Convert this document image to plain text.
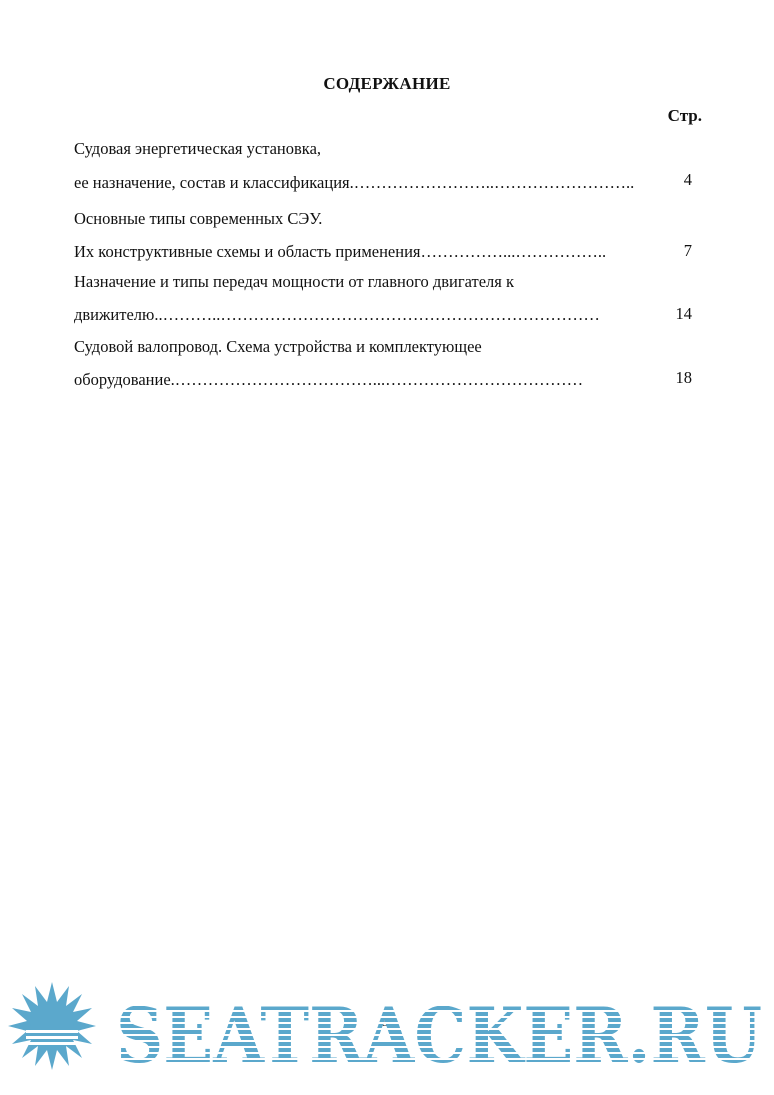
СОДЕРЖАНИЕ
Стр.
Судовая энергетическая установка,
ее назначение, состав и классификация.……………………..……………………..	4
Основные типы современных СЭУ.
Их конструктивные схемы и область применения……………...……………..	7
Назначение и типы передач мощности от главного двигателя к
движителю..………..……………………………………………………………	14
Судовой валопровод. Схема устройства и комплектующее
оборудование.………………………………...………………………………	18
3
SEATRACKER.RU
